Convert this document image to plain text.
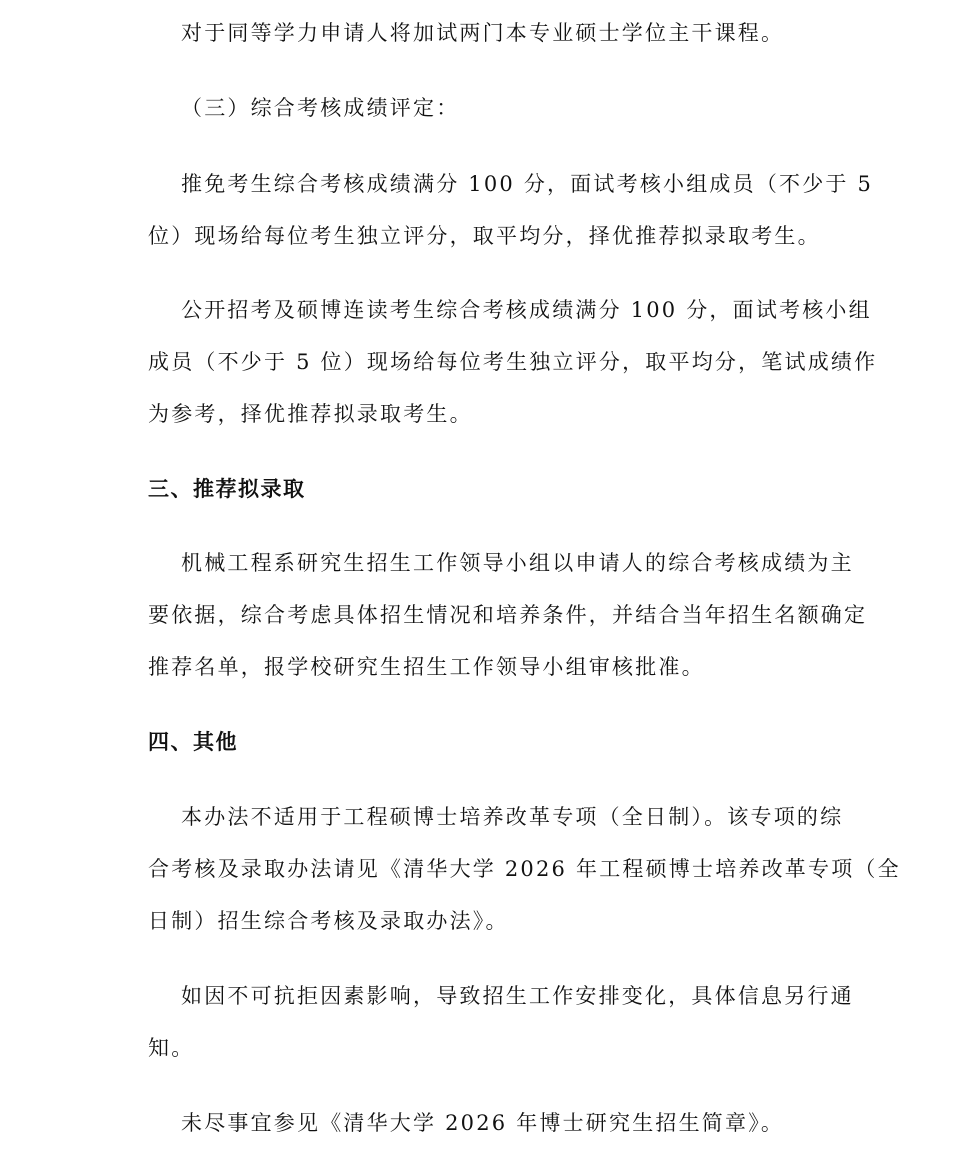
对于同等学力申请人将加试两门本专业硕士学位主干课程。
（三）综合考核成绩评定：
推免考生综合考核成绩满分 100 分，面试考核小组成员（不少于 5
位）现场给每位考生独立评分，取平均分，择优推荐拟录取考生。
公开招考及硕博连读考生综合考核成绩满分 100 分，面试考核小组
成员（不少于 5 位）现场给每位考生独立评分，取平均分，笔试成绩作
为参考，择优推荐拟录取考生。
三、推荐拟录取
机械工程系研究生招生工作领导小组以申请人的综合考核成绩为主
要依据，综合考虑具体招生情况和培养条件，并结合当年招生名额确定
推荐名单，报学校研究生招生工作领导小组审核批准。
四、其他
本办法不适用于工程硕博士培养改革专项（全日制）。该专项的综
合考核及录取办法请见《清华大学 2026 年工程硕博士培养改革专项（全
日制）招生综合考核及录取办法》。
如因不可抗拒因素影响，导致招生工作安排变化，具体信息另行通
知。
未尽事宜参见《清华大学 2026 年博士研究生招生简章》。
